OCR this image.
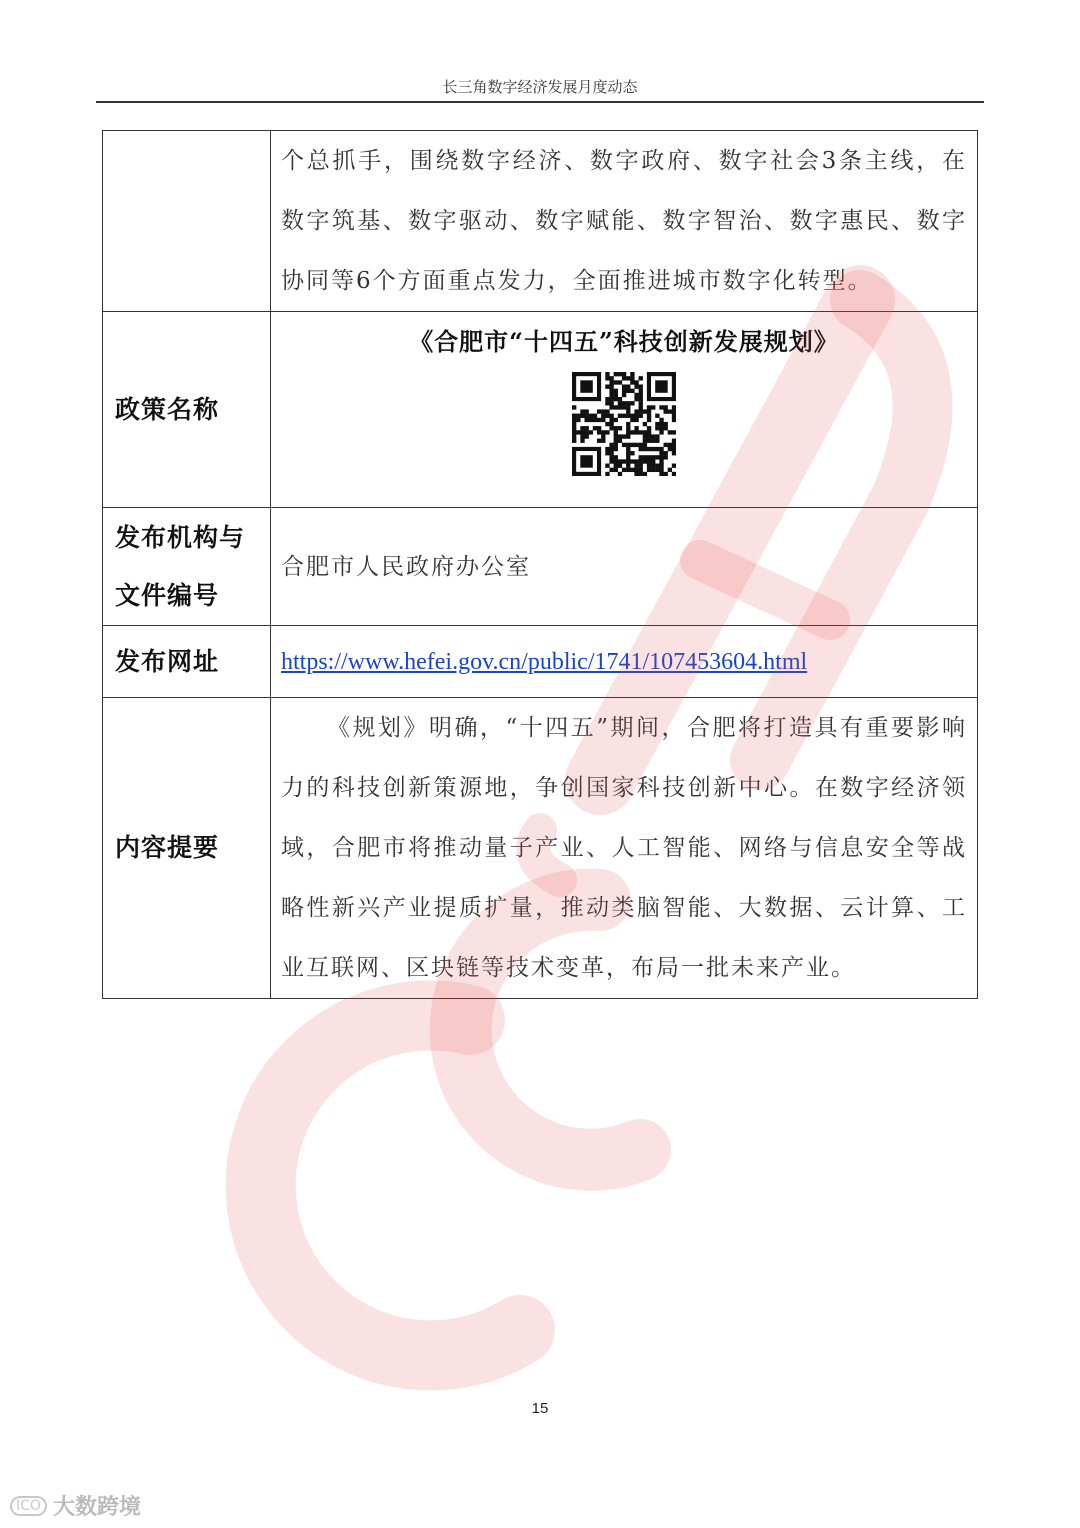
长三角数字经济发展月度动态

	个总抓手，围绕数字经济、数字政府、数字社会3条主线，在数字筑基、数字驱动、数字赋能、数字智治、数字惠民、数字协同等6个方面重点发力，全面推进城市数字化转型。

政策名称	《合肥市“十四五”科技创新发展规划》

发布机构与
文件编号	合肥市人民政府办公室
发布网址	https://www.hefei.gov.cn/public/1741/107453604.html
内容提要	《规划》明确，“十四五”期间，合肥将打造具有重要影响力的科技创新策源地，争创国家科技创新中心。在数字经济领域，合肥市将推动量子产业、人工智能、网络与信息安全等战略性新兴产业提质扩量，推动类脑智能、大数据、云计算、工业互联网、区块链等技术变革，布局一批未来产业。
15
ICO 大数跨境
